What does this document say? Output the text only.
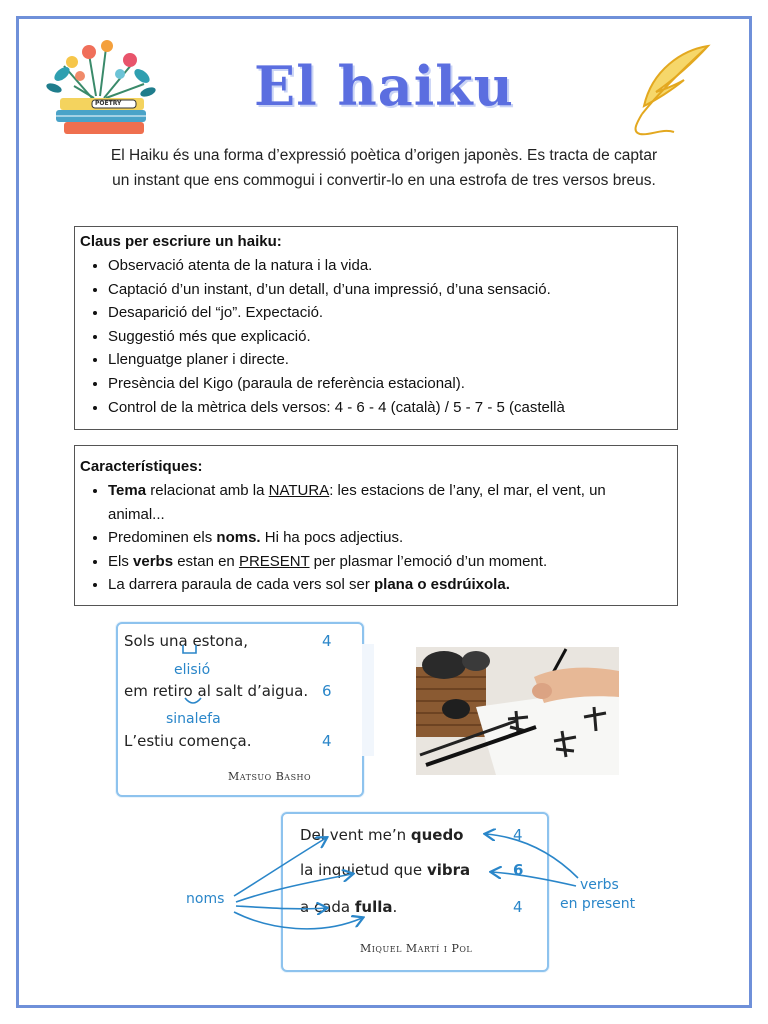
POETRY	El haiku
El Haiku és una forma d’expressió poètica d’origen japonès. Es tracta de captar un instant que ens commogui i convertir-lo en una estrofa de tres versos breus.
Claus per escriure un haiku:
• Observació atenta de la natura i la vida.
• Captació d’un instant, d’un detall, d’una impressió, d’una sensació.
• Desaparició del “jo”. Expectació.
• Suggestió més que explicació.
• Llenguatge planer i directe.
• Presència del Kigo (paraula de referència estacional).
• Control de la mètrica dels versos: 4 - 6 - 4 (català) / 5 - 7 - 5 (castellà
Característiques:
• Tema relacionat amb la NATURA: les estacions de l’any, el mar, el vent, un animal...
• Predominen els noms. Hi ha pocs adjectius.
• Els verbs estan en PRESENT per plasmar l’emoció d’un moment.
• La darrera paraula de cada vers sol ser plana o esdrúixola.
Sols una estona,
em retiro al salt d’aigua.
L’estiu comença.
4
6
4
elisió
sinalefa
Matsuo Basho
Del vent me’n quedo
la inquietud que vibra
a cada fulla.
4
6
4
Miquel Martí i Pol
noms
verbs
en present
